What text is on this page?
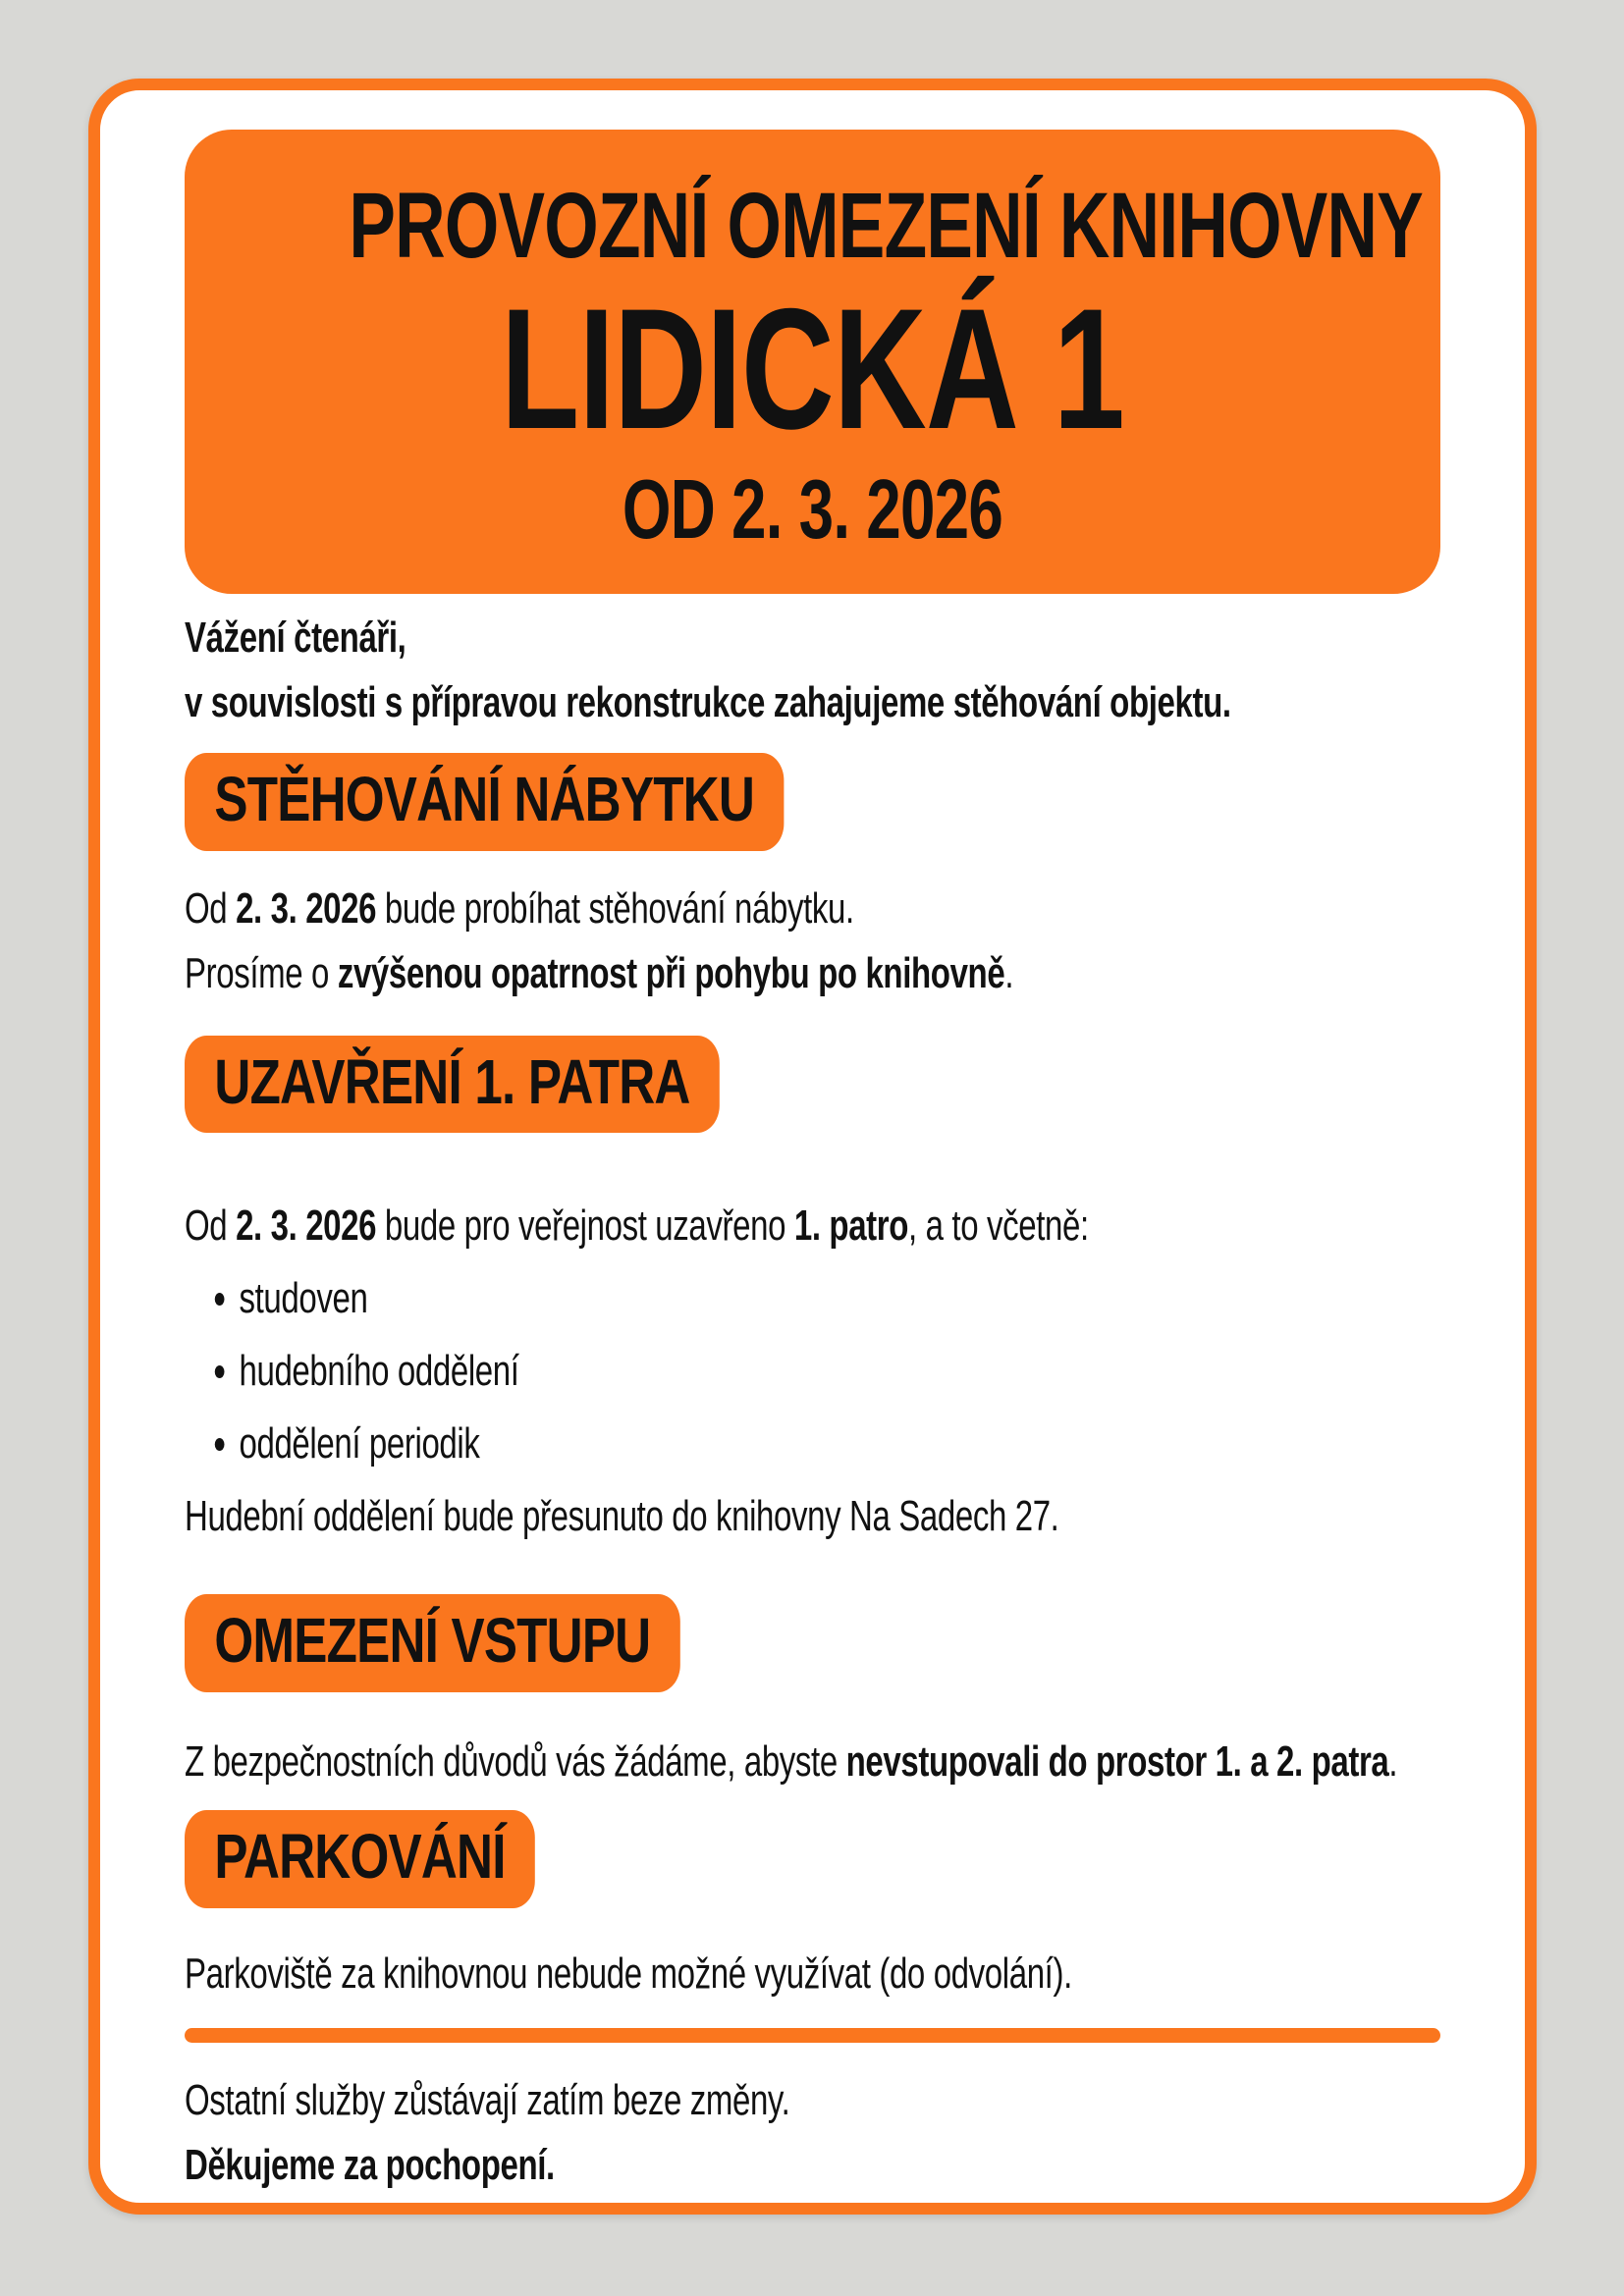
PROVOZNÍ OMEZENÍ KNIHOVNY
LIDICKÁ 1
OD 2. 3. 2026
Vážení čtenáři,
v souvislosti s přípravou rekonstrukce zahajujeme stěhování objektu.
STĚHOVÁNÍ NÁBYTKU
Od 2. 3. 2026 bude probíhat stěhování nábytku.
Prosíme o zvýšenou opatrnost při pohybu po knihovně.
UZAVŘENÍ 1. PATRA
Od 2. 3. 2026 bude pro veřejnost uzavřeno 1. patro, a to včetně:
• studoven
• hudebního oddělení
• oddělení periodik
Hudební oddělení bude přesunuto do knihovny Na Sadech 27.
OMEZENÍ VSTUPU
Z bezpečnostních důvodů vás žádáme, abyste nevstupovali do prostor 1. a 2. patra.
PARKOVÁNÍ
Parkoviště za knihovnou nebude možné využívat (do odvolání).
Ostatní služby zůstávají zatím beze změny.
Děkujeme za pochopení.
